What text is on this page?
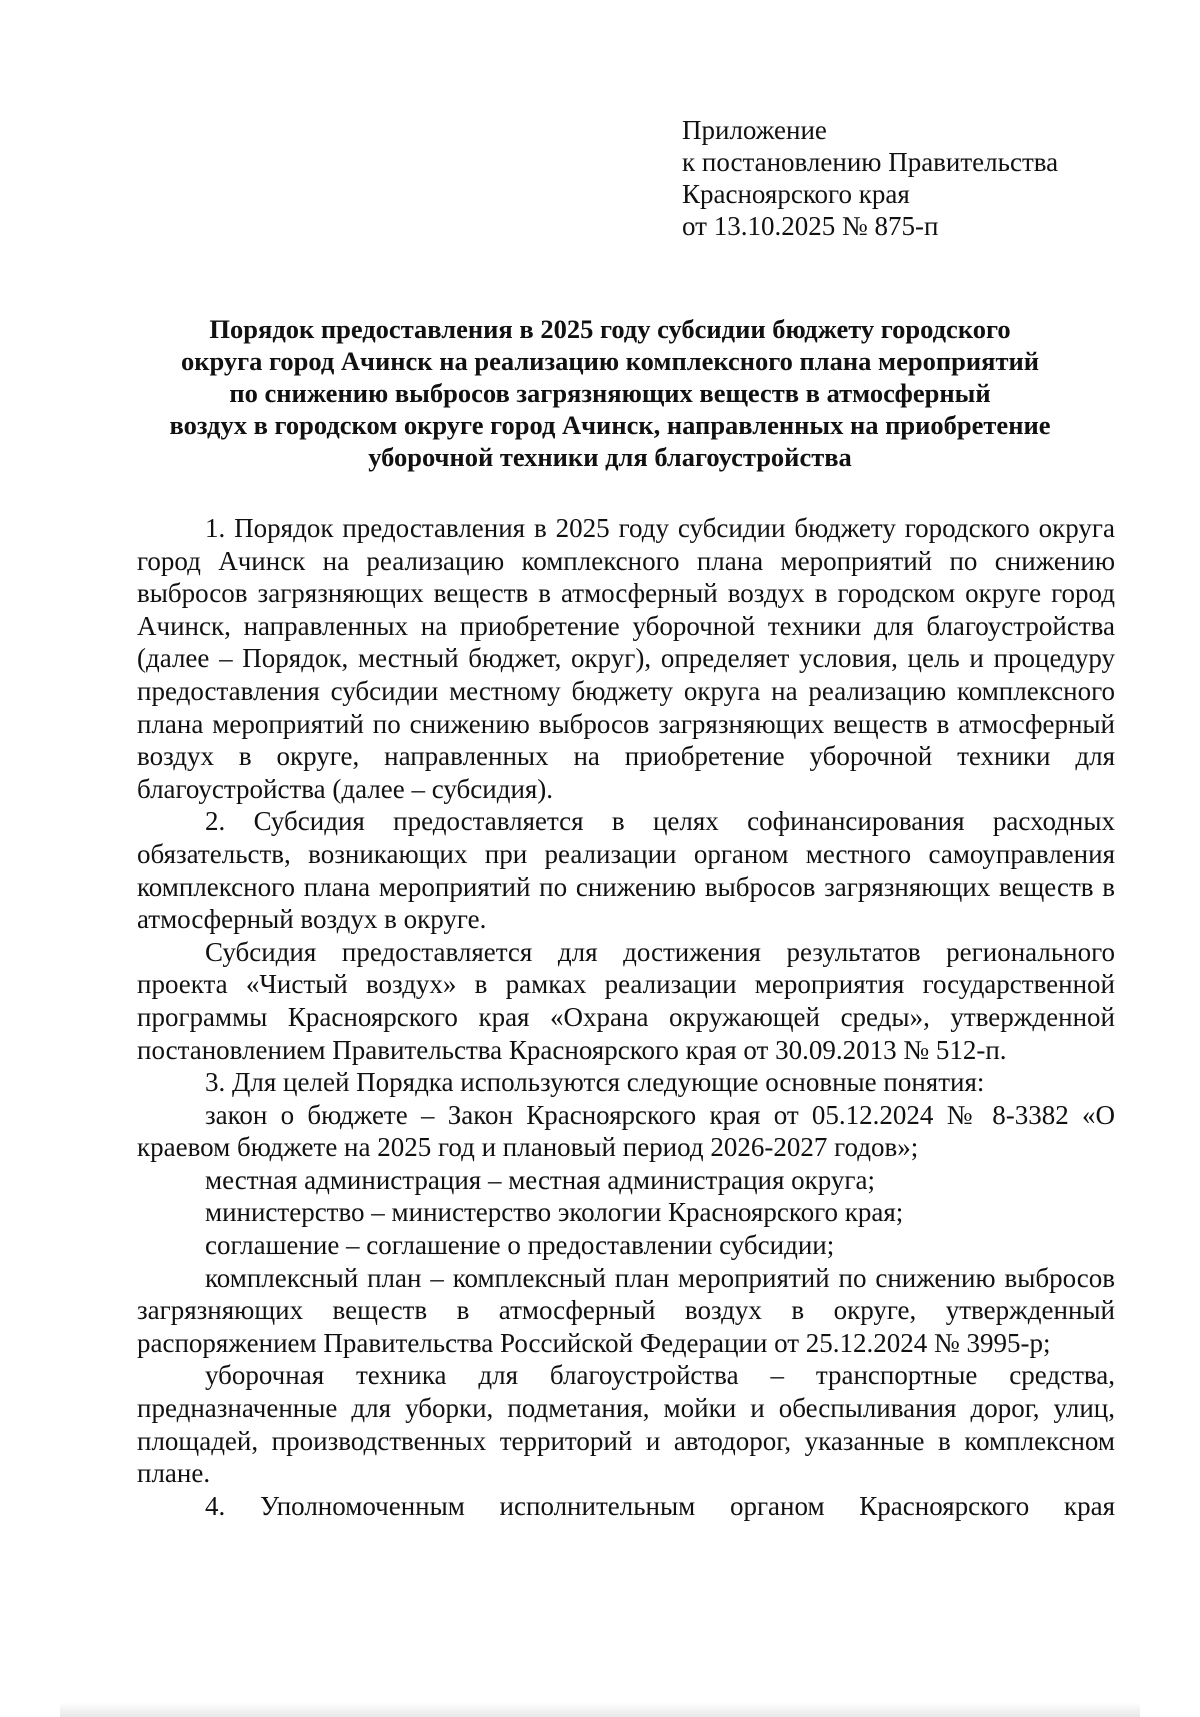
Приложение
к постановлению Правительства
Красноярского края
от 13.10.2025 № 875-п
Порядок предоставления в 2025 году субсидии бюджету городского
округа город Ачинск на реализацию комплексного плана мероприятий
по снижению выбросов загрязняющих веществ в атмосферный
воздух в городском округе город Ачинск, направленных на приобретение
уборочной техники для благоустройства

1. Порядок предоставления в 2025 году субсидии бюджету городского округа город Ачинск на реализацию комплексного плана мероприятий по снижению выбросов загрязняющих веществ в атмосферный воздух в городском округе город Ачинск, направленных на приобретение уборочной техники для благоустройства (далее – Порядок, местный бюджет, округ), определяет условия, цель и процедуру предоставления субсидии местному бюджету округа на реализацию комплексного плана мероприятий по снижению выбросов загрязняющих веществ в атмосферный воздух в округе, направленных на приобретение уборочной техники для благоустройства (далее – субсидия).

2. Субсидия предоставляется в целях софинансирования расходных обязательств, возникающих при реализации органом местного самоуправления комплексного плана мероприятий по снижению выбросов загрязняющих веществ в атмосферный воздух в округе.

Субсидия предоставляется для достижения результатов регионального проекта «Чистый воздух» в рамках реализации мероприятия государственной программы Красноярского края «Охрана окружающей среды», утвержденной постановлением Правительства Красноярского края от 30.09.2013 № 512-п.

3. Для целей Порядка используются следующие основные понятия:

закон о бюджете – Закон Красноярского края от 05.12.2024 № 8-3382 «О краевом бюджете на 2025 год и плановый период 2026-2027 годов»;

местная администрация – местная администрация округа;

министерство – министерство экологии Красноярского края;

соглашение – соглашение о предоставлении субсидии;

комплексный план – комплексный план мероприятий по снижению выбросов загрязняющих веществ в атмосферный воздух в округе, утвержденный распоряжением Правительства Российской Федерации от 25.12.2024 № 3995-р;

уборочная техника для благоустройства – транспортные средства, предназначенные для уборки, подметания, мойки и обеспыливания дорог, улиц, площадей, производственных территорий и автодорог, указанные в комплексном плане.

4. Уполномоченным исполнительным органом Красноярского края
